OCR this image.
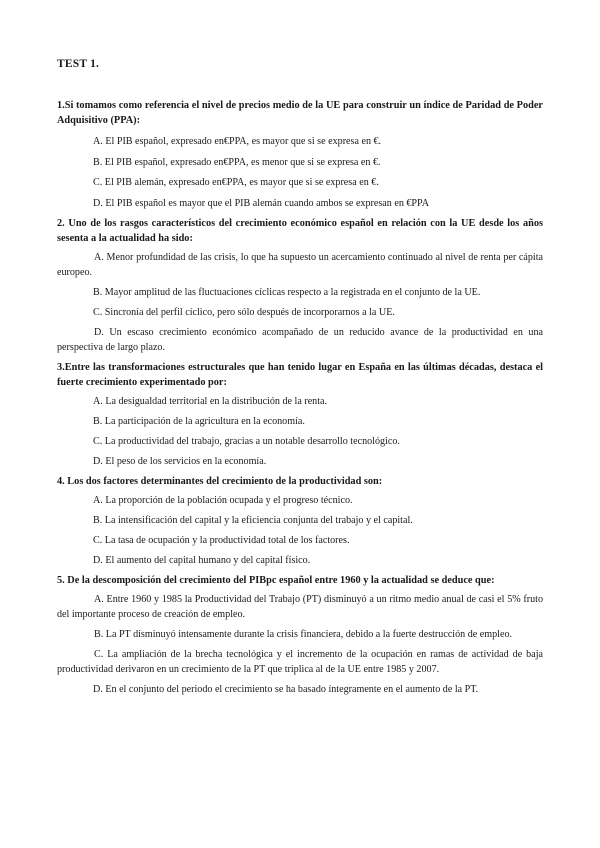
TEST 1.
1.Si tomamos como referencia el nivel de precios medio de la UE para construir un índice de Paridad de Poder Adquisitivo (PPA):
A. El PIB español, expresado en€PPA, es mayor que si se expresa en €.
B. El PIB español, expresado en€PPA, es menor que si se expresa en €.
C. El PIB alemán, expresado en€PPA, es mayor que si se expresa en €.
D. El PIB español es mayor que el PIB alemán cuando ambos se expresan en €PPA
2. Uno de los rasgos característicos del crecimiento económico español en relación con la UE desde los años sesenta a la actualidad ha sido:
A. Menor profundidad de las crisis, lo que ha supuesto un acercamiento continuado al nivel de renta per cápita europeo.
B. Mayor amplitud de las fluctuaciones cíclicas respecto a la registrada en el conjunto de la UE.
C. Sincronía del perfil cíclico, pero sólo después de incorporarnos a la UE.
D. Un escaso crecimiento económico acompañado de un reducido avance de la productividad en una perspectiva de largo plazo.
3.Entre las transformaciones estructurales que han tenido lugar en España en las últimas décadas, destaca el fuerte crecimiento experimentado por:
A. La desigualdad territorial en la distribución de la renta.
B. La participación de la agricultura en la economía.
C. La productividad del trabajo, gracias a un notable desarrollo tecnológico.
D. El peso de los servicios en la economía.
4. Los dos factores determinantes del crecimiento de la productividad son:
A. La proporción de la población ocupada y el progreso técnico.
B. La intensificación del capital y la eficiencia conjunta del trabajo y el capital.
C. La tasa de ocupación y la productividad total de los factores.
D. El aumento del capital humano y del capital físico.
5. De la descomposición del crecimiento del PIBpc español entre 1960 y la actualidad se deduce que:
A. Entre 1960 y 1985 la Productividad del Trabajo (PT) disminuyó a un ritmo medio anual de casi el 5% fruto del importante proceso de creación de empleo.
B. La PT disminuyó intensamente durante la crisis financiera, debido a la fuerte destrucción de empleo.
C. La ampliación de la brecha tecnológica y el incremento de la ocupación en ramas de actividad de baja productividad derivaron en un crecimiento de la PT que triplica al de la UE entre 1985 y 2007.
D. En el conjunto del periodo el crecimiento se ha basado íntegramente en el aumento de la PT.
